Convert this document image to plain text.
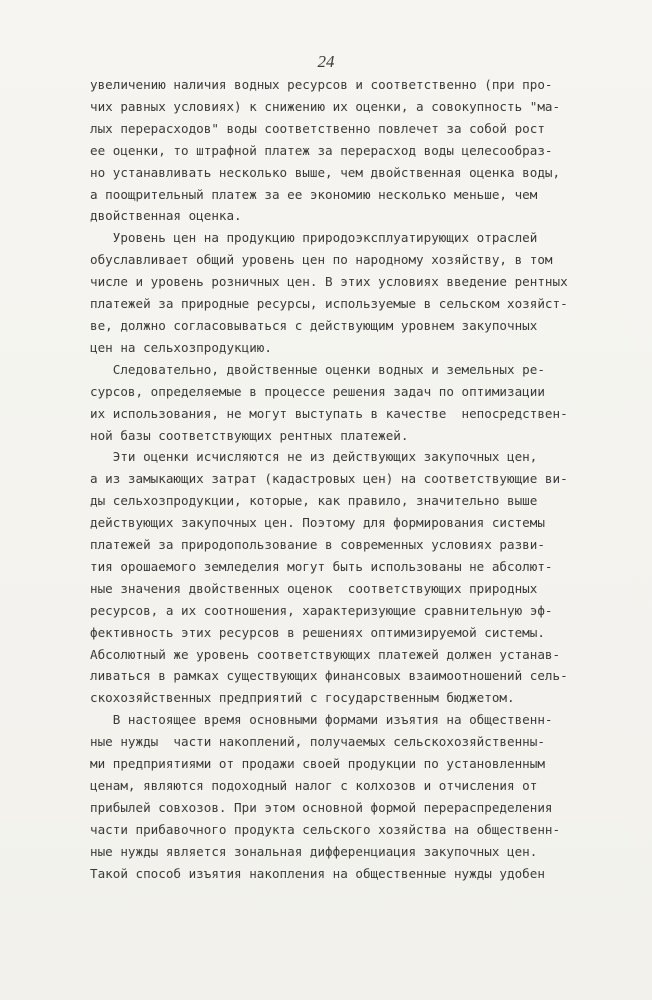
24

увеличению наличия водных ресурсов и соответственно (при про-
чих равных условиях) к снижению их оценки, а совокупность "ма-
лых перерасходов" воды соответственно повлечет за собой рост
ее оценки, то штрафной платеж за перерасход воды целесообраз-
но устанавливать несколько выше, чем двойственная оценка воды,
а поощрительный платеж за ее экономию несколько меньше, чем
двойственная оценка.

Уровень цен на продукцию природоэксплуатирующих отраслей
обуславливает общий уровень цен по народному хозяйству, в том
числе и уровень розничных цен. В этих условиях введение рентных
платежей за природные ресурсы, используемые в сельском хозяйст-
ве, должно согласовываться с действующим уровнем закупочных
цен на сельхозпродукцию.

Следовательно, двойственные оценки водных и земельных ре-
сурсов, определяемые в процессе решения задач по оптимизации
их использования, не могут выступать в качестве  непосредствен-
ной базы соответствующих рентных платежей.

Эти оценки исчисляются не из действующих закупочных цен,
а из замыкающих затрат (кадастровых цен) на соответствующие ви-
ды сельхозпродукции, которые, как правило, значительно выше
действующих закупочных цен. Поэтому для формирования системы
платежей за природопользование в современных условиях разви-
тия орошаемого земледелия могут быть использованы не абсолют-
ные значения двойственных оценок  соответствующих природных
ресурсов, а их соотношения, характеризующие сравнительную эф-
фективность этих ресурсов в решениях оптимизируемой системы.
Абсолютный же уровень соответствующих платежей должен устанав-
ливаться в рамках существующих финансовых взаимоотношений сель-
скохозяйственных предприятий с государственным бюджетом.

В настоящее время основными формами изъятия на общественн-
ные нужды  части накоплений, получаемых сельскохозяйственны-
ми предприятиями от продажи своей продукции по установленным
ценам, являются подоходный налог с колхозов и отчисления от
прибылей совхозов. При этом основной формой перераспределения
части прибавочного продукта сельского хозяйства на общественн-
ные нужды является зональная дифференциация закупочных цен.
Такой способ изъятия накопления на общественные нужды удобен
